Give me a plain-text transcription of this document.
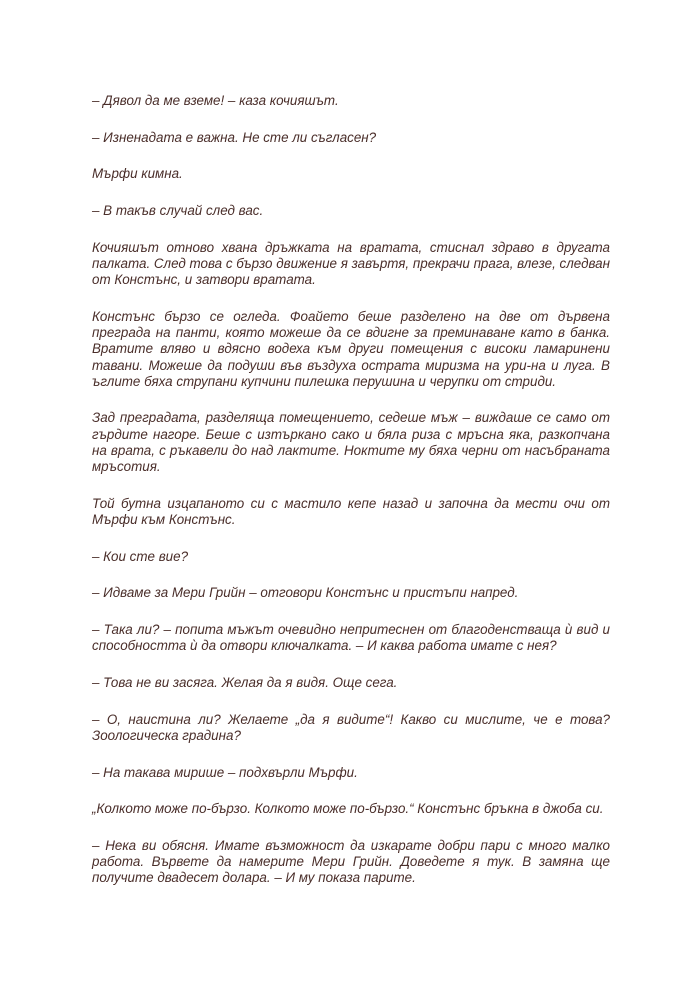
– Дявол да ме вземе! – каза кочияшът.

– Изненадата е важна. Не сте ли съгласен?

Мърфи кимна.

– В такъв случай след вас.

Кочияшът отново хвана дръжката на вратата, стиснал здраво в другата палката. След това с бързо движение я завъртя, прекрачи прага, влезе, следван от Констънс, и затвори вратата.

Констънс бързо се огледа. Фоайето беше разделено на две от дървена преграда на панти, която можеше да се вдигне за преминаване като в банка. Вратите вляво и вдясно водеха към други помещения с високи ламаринени тавани. Можеше да подуши във въздуха острата миризма на ури-на и луга. В ъглите бяха струпани купчини пилешка перушина и черупки от стриди.

Зад преградата, разделяща помещението, седеше мъж – виждаше се само от гърдите нагоре. Беше с изтъркано сако и бяла риза с мръсна яка, разкопчана на врата, с ръкавели до над лактите. Ноктите му бяха черни от насъбраната мръсотия.

Той бутна изцапаното си с мастило кепе назад и започна да мести очи от Мърфи към Констънс.

– Кои сте вие?

– Идваме за Мери Грийн – отговори Констънс и пристъпи напред.

– Така ли? – попита мъжът очевидно непритеснен от благоденстваща ѝ вид и способността ѝ да отвори ключалката. – И каква работа имате с нея?

– Това не ви засяга. Желая да я видя. Още сега.

– О, наистина ли? Желаете „да я видите“! Какво си мислите, че е това? Зоологическа градина?

– На такава мирише – подхвърли Мърфи.

„Колкото може по-бързо. Колкото може по-бързо.“ Констънс бръкна в джоба си.

– Нека ви обясня. Имате възможност да изкарате добри пари с много малко работа. Вървете да намерите Мери Грийн. Доведете я тук. В замяна ще получите двадесет долара. – И му показа парите.
